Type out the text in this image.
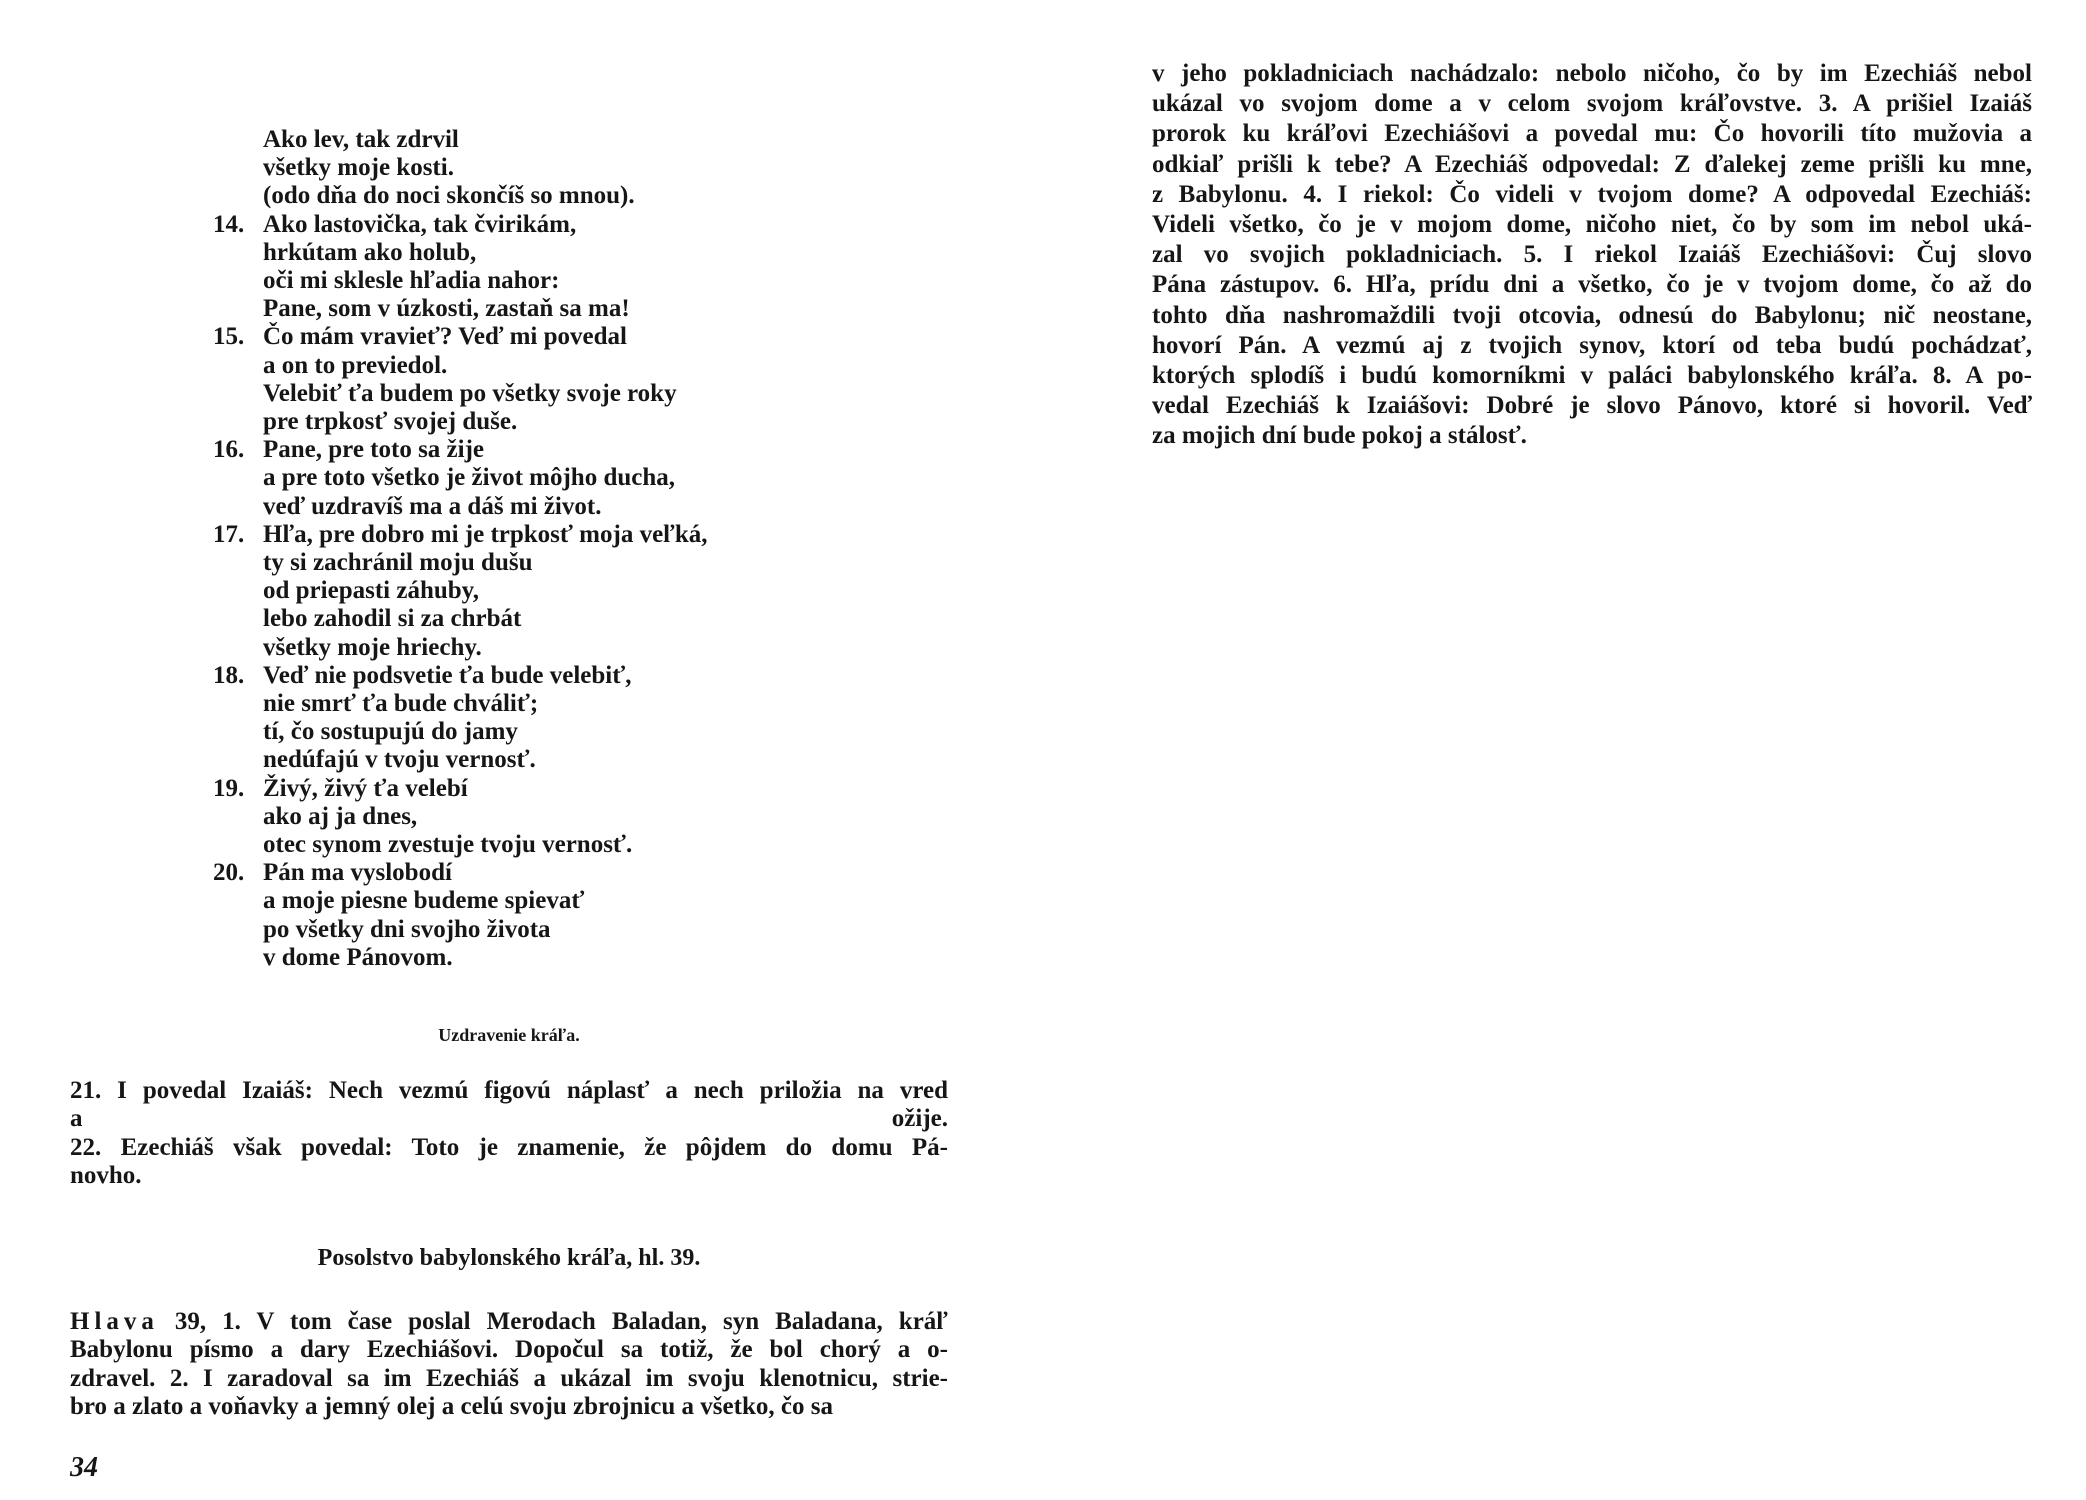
Ako lev, tak zdrvil
všetky moje kosti.
(odo dňa do noci skončíš so mnou).
14. Ako lastovička, tak čvirikám,
hrkútam ako holub,
oči mi sklesle hľadia nahor:
Pane, som v úzkosti, zastaň sa ma!
15. Čo mám vravieť? Veď mi povedal
a on to previedol.
Velebiť ťa budem po všetky svoje roky
pre trpkosť svojej duše.
16. Pane, pre toto sa žije
a pre toto všetko je život môjho ducha,
veď uzdravíš ma a dáš mi život.
17. Hľa, pre dobro mi je trpkosť moja veľká,
ty si zachránil moju dušu
od priepasti záhuby,
lebo zahodil si za chrbát
všetky moje hriechy.
18. Veď nie podsvetie ťa bude velebiť,
nie smrť ťa bude chváliť;
tí, čo sostupujú do jamy
nedúfajú v tvoju vernosť.
19. Živý, živý ťa velebí
ako aj ja dnes,
otec synom zvestuje tvoju vernosť.
20. Pán ma vyslobodí
a moje piesne budeme spievať
po všetky dni svojho života
v dome Pánovom.
Uzdravenie kráľa.
21. I povedal Izaiáš: Nech vezmú figovú náplasť a nech priložia na vred
a ožije.
22. Ezechiáš však povedal: Toto je znamenie, že pôjdem do domu Pá-
novho.
Posolstvo babylonského kráľa, hl. 39.
Hlava 39, 1. V tom čase poslal Merodach Baladan, syn Baladana, kráľ
Babylonu písmo a dary Ezechiášovi. Dopočul sa totiž, že bol chorý a o-
zdravel. 2. I zaradoval sa im Ezechiáš a ukázal im svoju klenotnicu, strie-
bro a zlato a voňavky a jemný olej a celú svoju zbrojnicu a všetko, čo sa
34
v jeho pokladniciach nachádzalo: nebolo ničoho, čo by im Ezechiáš nebol
ukázal vo svojom dome a v celom svojom kráľovstve. 3. A prišiel Izaiáš
prorok ku kráľovi Ezechiášovi a povedal mu: Čo hovorili títo mužovia a
odkiaľ prišli k tebe? A Ezechiáš odpovedal: Z ďalekej zeme prišli ku mne,
z Babylonu. 4. I riekol: Čo videli v tvojom dome? A odpovedal Ezechiáš:
Videli všetko, čo je v mojom dome, ničoho niet, čo by som im nebol uká-
zal vo svojich pokladniciach. 5. I riekol Izaiáš Ezechiášovi: Čuj slovo
Pána zástupov. 6. Hľa, prídu dni a všetko, čo je v tvojom dome, čo až do
tohto dňa nashromaždili tvoji otcovia, odnesú do Babylonu; nič neostane,
hovorí Pán. A vezmú aj z tvojich synov, ktorí od teba budú pochádzať,
ktorých splodíš i budú komorníkmi v paláci babylonského kráľa. 8. A po-
vedal Ezechiáš k Izaiášovi: Dobré je slovo Pánovo, ktoré si hovoril. Veď
za mojich dní bude pokoj a stálosť.
